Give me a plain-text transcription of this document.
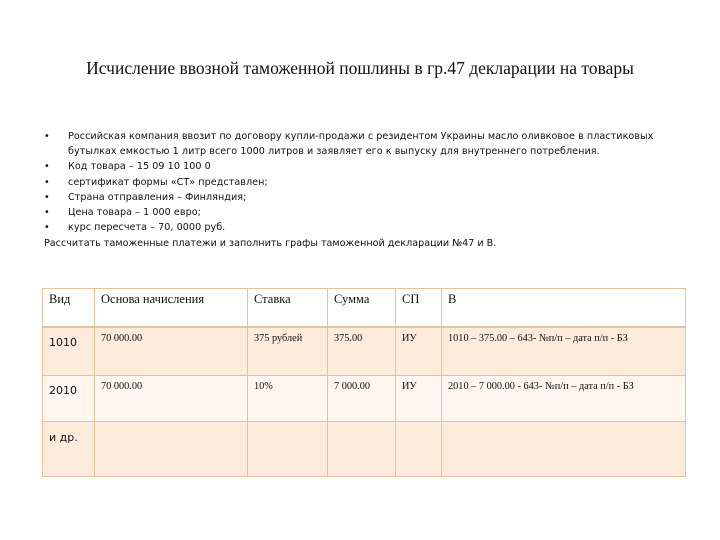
Исчисление ввозной таможенной пошлины в гр.47 декларации на товары
• Российская компания ввозит по договору купли-продажи с резидентом Украины масло оливковое в пластиковых
бутылках емкостью 1 литр всего 1000 литров и заявляет его к выпуску для внутреннего потребления.
• Код товара – 15 09 10 100 0
• сертификат формы «СТ» представлен;
• Страна отправления – Финляндия;
• Цена товара – 1 000 евро;
• курс пересчета – 70, 0000 руб.
Рассчитать таможенные платежи и заполнить графы таможенной декларации №47 и В.
Вид	Основа начисления	Ставка	Сумма	СП	В
1010	70 000.00	375 рублей	375.00	ИУ	1010 – 375.00 – 643- №п/п – дата п/п - БЗ
2010	70 000.00	10%	7 000.00	ИУ	2010 – 7 000.00 - 643- №п/п – дата п/п - БЗ
и др.					
